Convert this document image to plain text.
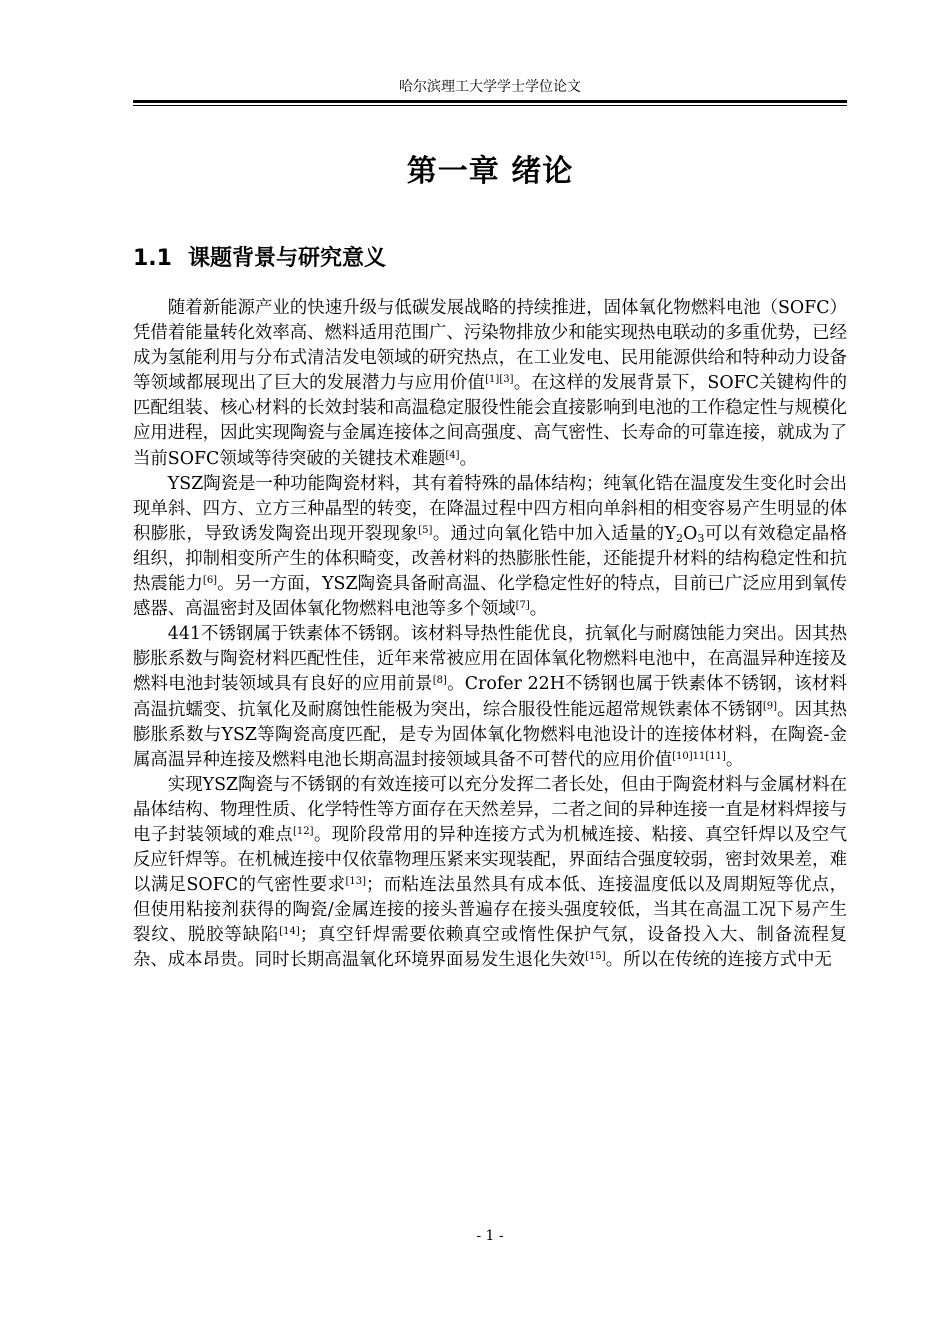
哈尔滨理工大学学士学位论文
第一章 绪论
1.1 课题背景与研究意义

随着新能源产业的快速升级与低碳发展战略的持续推进，固体氧化物燃料电池（SOFC）凭借着能量转化效率高、燃料适用范围广、污染物排放少和能实现热电联动的多重优势，已经成为氢能利用与分布式清洁发电领域的研究热点，在工业发电、民用能源供给和特种动力设备等领域都展现出了巨大的发展潜力与应用价值[1][3]。在这样的发展背景下，SOFC关键构件的匹配组装、核心材料的长效封装和高温稳定服役性能会直接影响到电池的工作稳定性与规模化应用进程，因此实现陶瓷与金属连接体之间高强度、高气密性、长寿命的可靠连接，就成为了当前SOFC领域等待突破的关键技术难题[4]。

YSZ陶瓷是一种功能陶瓷材料，其有着特殊的晶体结构；纯氧化锆在温度发生变化时会出现单斜、四方、立方三种晶型的转变，在降温过程中四方相向单斜相的相变容易产生明显的体积膨胀，导致诱发陶瓷出现开裂现象[5]。通过向氧化锆中加入适量的$Y_2O_3$可以有效稳定晶格组织，抑制相变所产生的体积畸变，改善材料的热膨胀性能，还能提升材料的结构稳定性和抗热震能力[6]。另一方面，YSZ陶瓷具备耐高温、化学稳定性好的特点，目前已广泛应用到氧传感器、高温密封及固体氧化物燃料电池等多个领域[7]。

441不锈钢属于铁素体不锈钢。该材料导热性能优良，抗氧化与耐腐蚀能力突出。因其热膨胀系数与陶瓷材料匹配性佳，近年来常被应用在固体氧化物燃料电池中，在高温异种连接及燃料电池封装领域具有良好的应用前景[8]。Crofer 22H不锈钢也属于铁素体不锈钢，该材料高温抗蠕变、抗氧化及耐腐蚀性能极为突出，综合服役性能远超常规铁素体不锈钢[9]。因其热膨胀系数与YSZ等陶瓷高度匹配，是专为固体氧化物燃料电池设计的连接体材料，在陶瓷-金属高温异种连接及燃料电池长期高温封接领域具备不可替代的应用价值[10]11[11]。

实现YSZ陶瓷与不锈钢的有效连接可以充分发挥二者长处，但由于陶瓷材料与金属材料在晶体结构、物理性质、化学特性等方面存在天然差异，二者之间的异种连接一直是材料焊接与电子封装领域的难点[12]。现阶段常用的异种连接方式为机械连接、粘接、真空钎焊以及空气反应钎焊等。在机械连接中仅依靠物理压紧来实现装配，界面结合强度较弱，密封效果差，难以满足SOFC的气密性要求[13]；而粘连法虽然具有成本低、连接温度低以及周期短等优点，但使用粘接剂获得的陶瓷/金属连接的接头普遍存在接头强度较低，当其在高温工况下易产生裂纹、脱胶等缺陷[14]；真空钎焊需要依赖真空或惰性保护气氛，设备投入大、制备流程复杂、成本昂贵。同时长期高温氧化环境界面易发生退化失效[15]。所以在传统的连接方式中无

- 1 -
